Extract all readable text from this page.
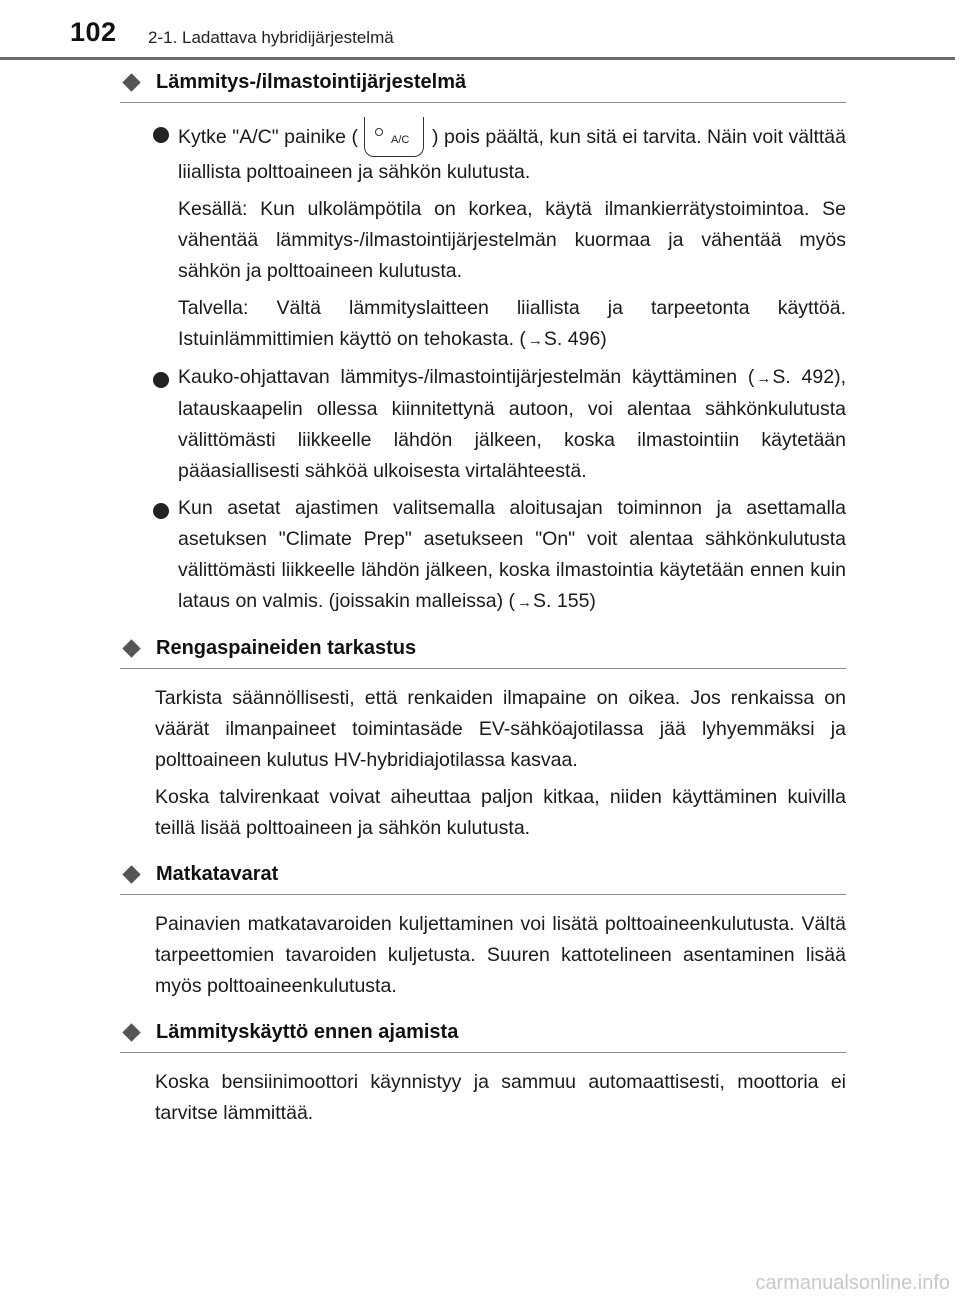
102 2-1. Ladattava hybridijärjestelmä
Lämmitys-/ilmastointijärjestelmä

Kytke "A/C" painike (	A/C ) pois päältä, kun sitä ei tarvita. Näin voit välttää liiallista polttoaineen ja sähkön kulutusta.

Kesällä: Kun ulkolämpötila on korkea, käytä ilmankierrätystoimintoa. Se vähentää lämmitys-/ilmastointijärjestelmän kuormaa ja vähentää myös sähkön ja polttoaineen kulutusta.

Talvella: Vältä lämmityslaitteen liiallista ja tarpeetonta käyttöä. Istuinlämmittimien käyttö on tehokasta. ( →S. 496)

Kauko-ohjattavan lämmitys-/ilmastointijärjestelmän käyttäminen ( →S. 492), latauskaapelin ollessa kiinnitettynä autoon, voi alentaa sähkönkulutusta välittömästi liikkeelle lähdön jälkeen, koska ilmastointiin käytetään pääasiallisesti sähköä ulkoisesta virtalähteestä.

Kun asetat ajastimen valitsemalla aloitusajan toiminnon ja asettamalla asetuksen "Climate Prep" asetukseen "On" voit alentaa sähkönkulutusta välittömästi liikkeelle lähdön jälkeen, koska ilmastointia käytetään ennen kuin lataus on valmis. (joissakin malleissa) ( →S. 155)

Rengaspaineiden tarkastus

Tarkista säännöllisesti, että renkaiden ilmapaine on oikea. Jos renkaissa on väärät ilmanpaineet toimintasäde EV-sähköajotilassa jää lyhyemmäksi ja polttoaineen kulutus HV-hybridiajotilassa kasvaa.

Koska talvirenkaat voivat aiheuttaa paljon kitkaa, niiden käyttäminen kuivilla teillä lisää polttoaineen ja sähkön kulutusta.

Matkatavarat

Painavien matkatavaroiden kuljettaminen voi lisätä polttoaineenkulutusta. Vältä tarpeettomien tavaroiden kuljetusta. Suuren kattotelineen asentaminen lisää myös polttoaineenkulutusta.

Lämmityskäyttö ennen ajamista

Koska bensiinimoottori käynnistyy ja sammuu automaattisesti, moottoria ei tarvitse lämmittää.

carmanualsonline.info
